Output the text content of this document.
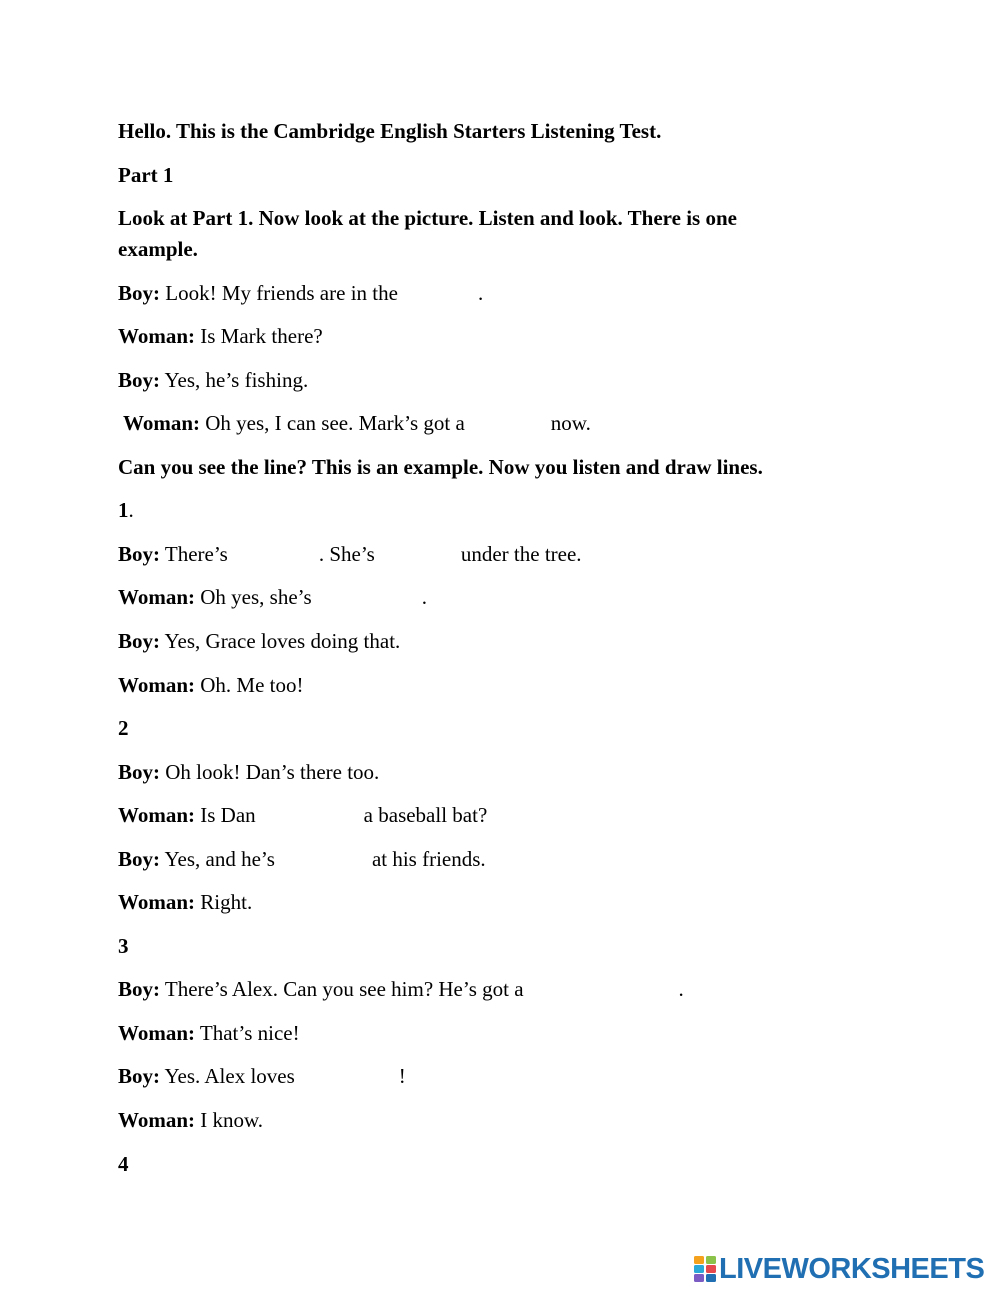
Hello. This is the Cambridge English Starters Listening Test.
Part 1
Look at Part 1. Now look at the picture. Listen and look. There is one
example.
Boy: Look! My friends are in the	.
Woman: Is Mark there?
Boy: Yes, he’s fishing.
Woman: Oh yes, I can see. Mark’s got a	now.
Can you see the line? This is an example. Now you listen and draw lines.
1.
Boy: There’s	. She’s	under the tree.
Woman: Oh yes, she’s	.
Boy: Yes, Grace loves doing that.
Woman: Oh. Me too!
2
Boy: Oh look! Dan’s there too.
Woman: Is Dan	a baseball bat?
Boy: Yes, and he’s	at his friends.
Woman: Right.
3
Boy: There’s Alex. Can you see him? He’s got a	.
Woman: That’s nice!
Boy: Yes. Alex loves	!
Woman: I know.
4
LIVEWORKSHEETS
